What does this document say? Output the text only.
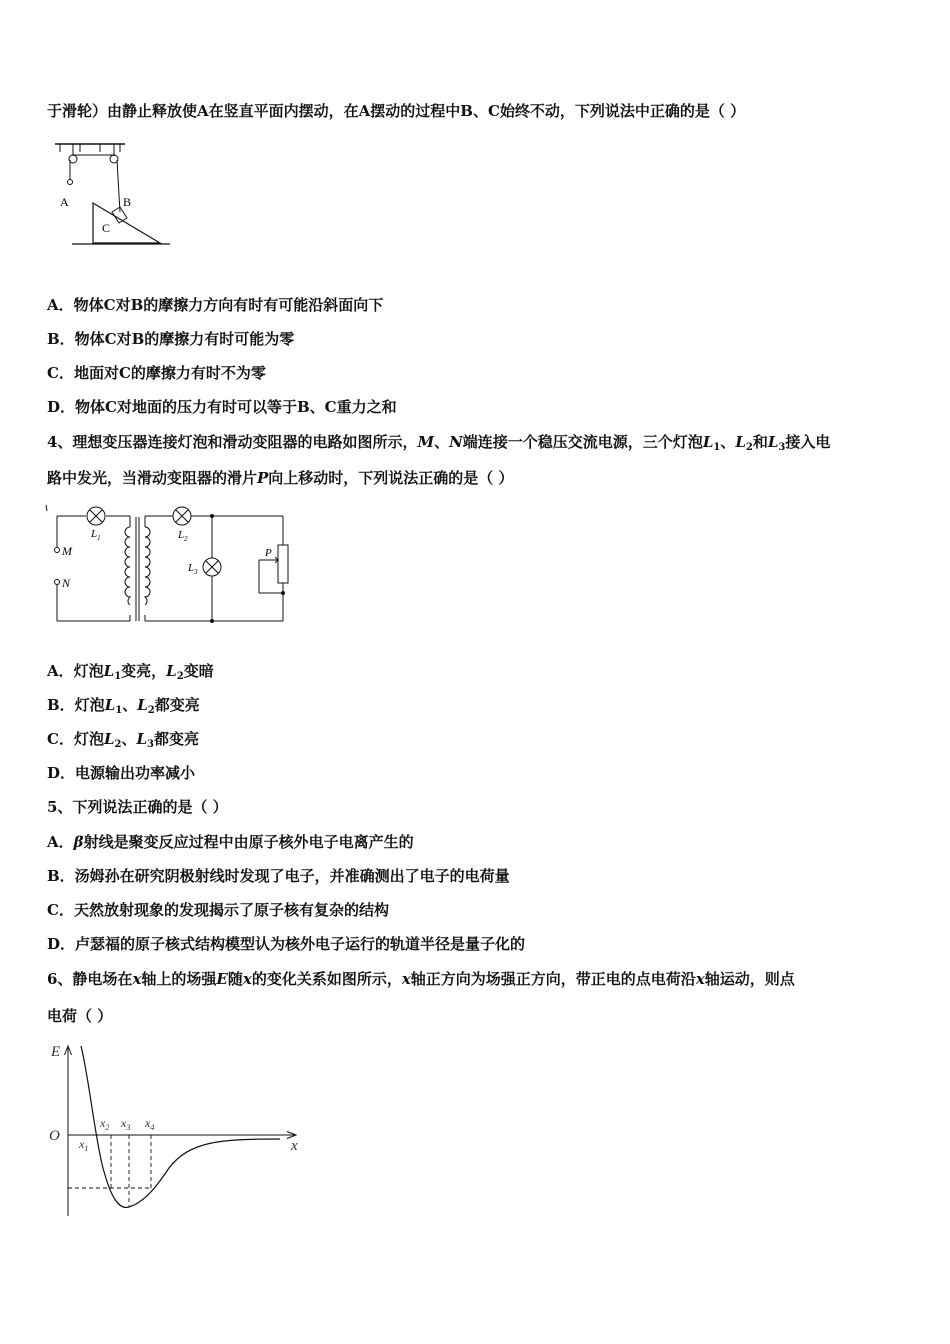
于滑轮）由静止释放使A在竖直平面内摆动，在A摆动的过程中B、C始终不动，下列说法中正确的是（ ）
A	B
C
A．物体C对B的摩擦力方向有时有可能沿斜面向下
B．物体C对B的摩擦力有时可能为零
C．地面对C的摩擦力有时不为零
D．物体C对地面的压力有时可以等于B、C重力之和
4、理想变压器连接灯泡和滑动变阻器的电路如图所示，M、N端连接一个稳压交流电源，三个灯泡$L_1$、$L_2$和$L_3$接入电
路中发光，当滑动变阻器的滑片P向上移动时，下列说法正确的是（ ）
M
N
$L_1$	$L_2$
$L_3$
P
A．灯泡$L_1$变亮，$L_2$变暗
B．灯泡$L_1$、$L_2$都变亮
C．灯泡$L_2$、$L_3$都变亮
D．电源输出功率减小
5、下列说法正确的是（ ）
A．β射线是聚变反应过程中由原子核外电子电离产生的
B．汤姆孙在研究阴极射线时发现了电子，并准确测出了电子的电荷量
C．天然放射现象的发现揭示了原子核有复杂的结构
D．卢瑟福的原子核式结构模型认为核外电子运行的轨道半径是量子化的
6、静电场在x轴上的场强E随x的变化关系如图所示，x轴正方向为场强正方向，带正电的点电荷沿x轴运动，则点
电荷（ ）
E
O
x
$x_1$
$x_2$ $x_3$ $x_4$
